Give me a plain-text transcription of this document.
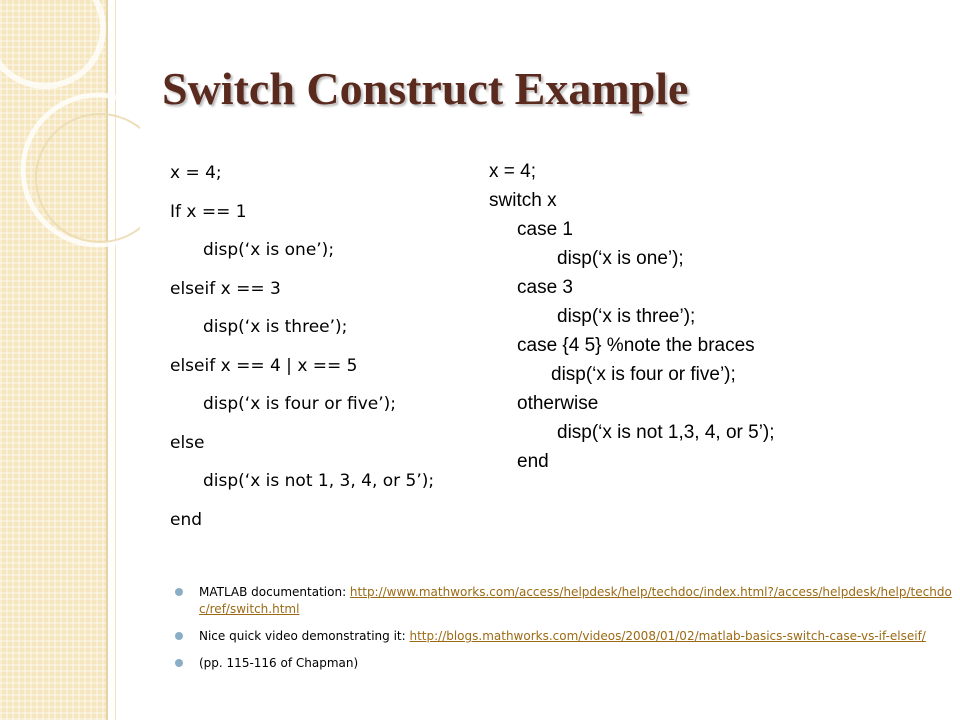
Switch Construct Example
x = 4;
If x == 1
disp(‘x is one’);
elseif x == 3
disp(‘x is three’);
elseif x == 4 | x == 5
disp(‘x is four or five’);
else
disp(‘x is not 1, 3, 4, or 5’);
end
x = 4;
switch x
case 1
disp(‘x is one’);
case 3
disp(‘x is three’);
case {4 5} %note the braces
disp(‘x is four or five’);
otherwise
disp(‘x is not 1,3, 4, or 5’);
end
MATLAB documentation: http://www.mathworks.com/access/helpdesk/help/techdoc/index.html?/access/helpdesk/help/techdoc/ref/switch.html
Nice quick video demonstrating it: http://blogs.mathworks.com/videos/2008/01/02/matlab-basics-switch-case-vs-if-elseif/
(pp. 115-116 of Chapman)
